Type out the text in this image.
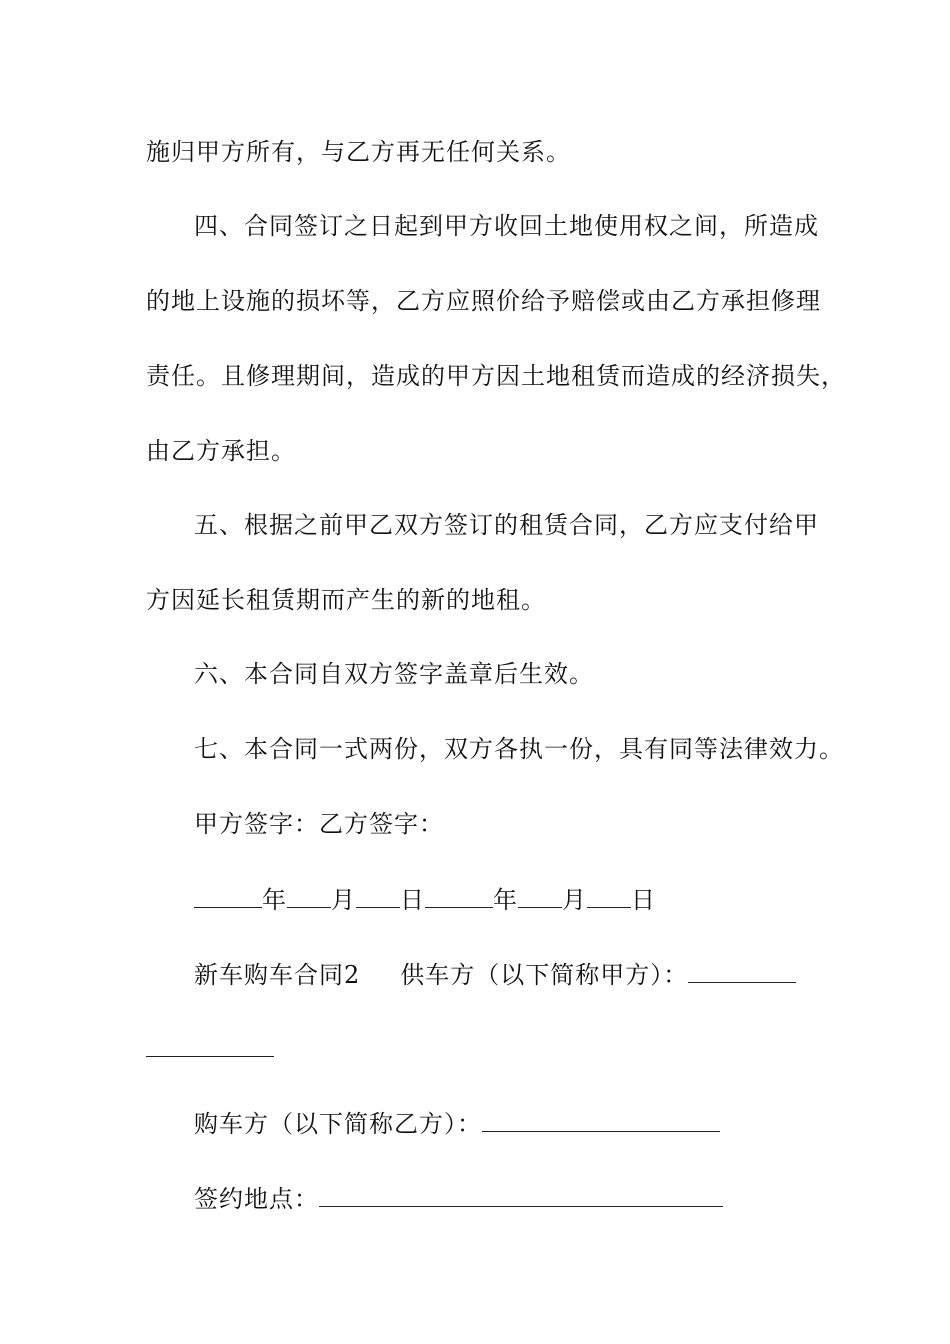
施归甲方所有，与乙方再无任何关系。
四、合同签订之日起到甲方收回土地使用权之间，所造成
的地上设施的损坏等，乙方应照价给予赔偿或由乙方承担修理
责任。且修理期间，造成的甲方因土地租赁而造成的经济损失，
由乙方承担。
五、根据之前甲乙双方签订的租赁合同，乙方应支付给甲
方因延长租赁期而产生的新的地租。
六、本合同自双方签字盖章后生效。
七、本合同一式两份，双方各执一份，具有同等法律效力。
甲方签字：乙方签字：
年 月 日	年 月 日
新车购车合同2 供车方（以下简称甲方）：
购车方（以下简称乙方）：
签约地点：
